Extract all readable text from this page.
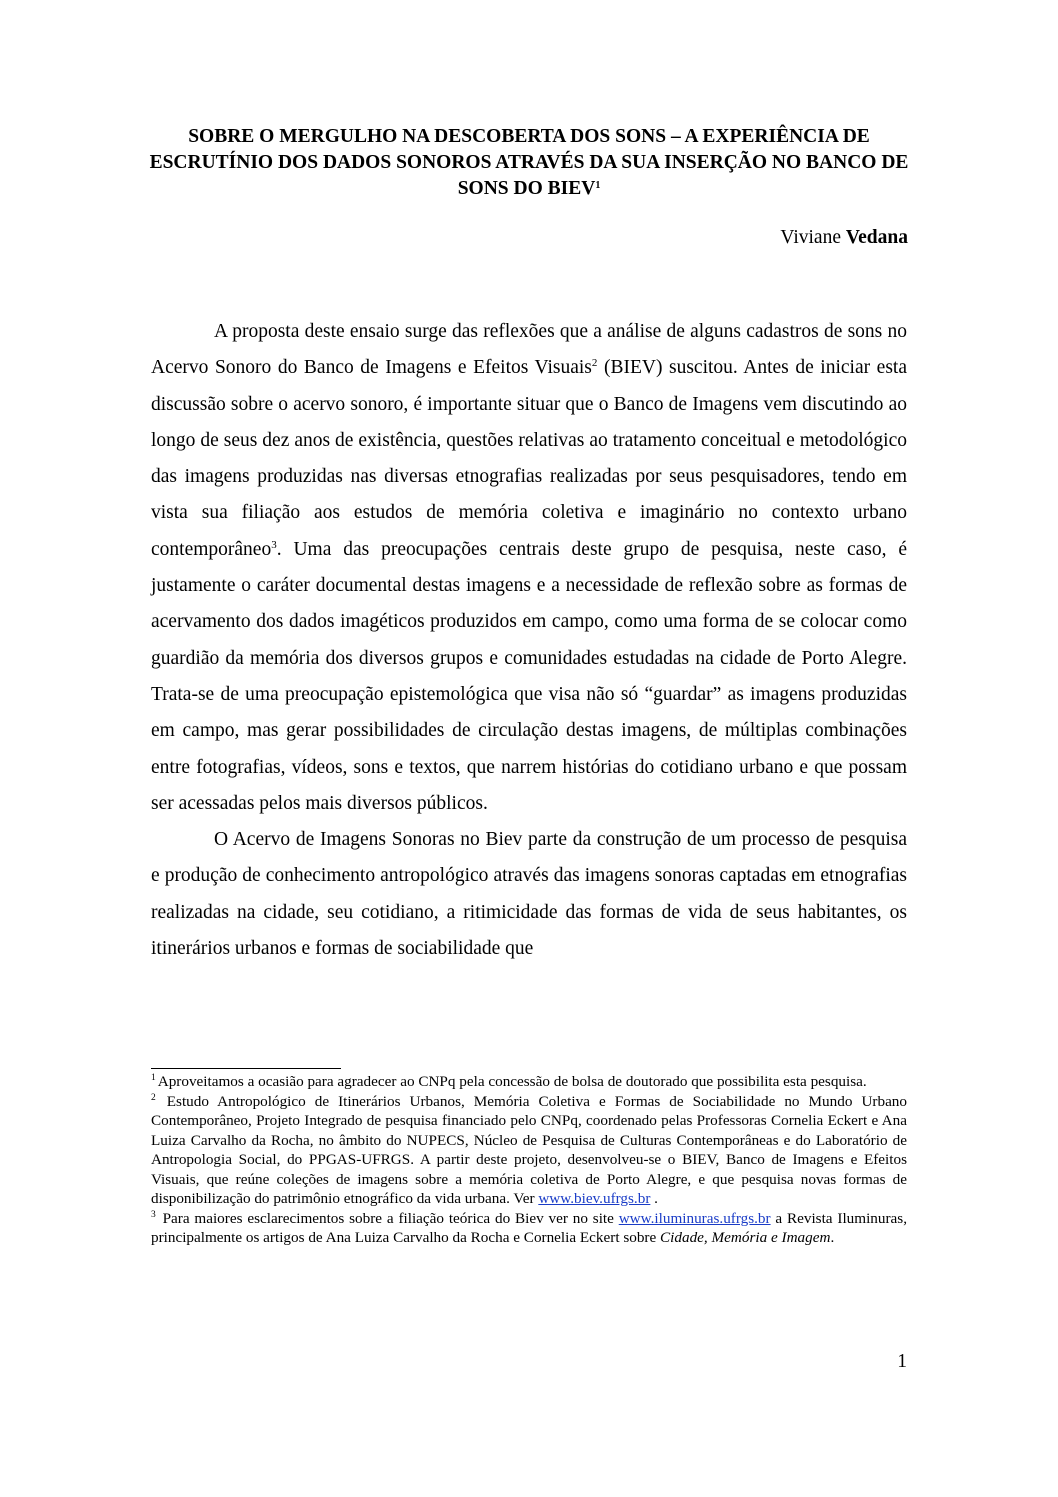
SOBRE O MERGULHO NA DESCOBERTA DOS SONS – A EXPERIÊNCIA DE ESCRUTÍNIO DOS DADOS SONOROS ATRAVÉS DA SUA INSERÇÃO NO BANCO DE SONS DO BIEV$^1$
Viviane Vedana

A proposta deste ensaio surge das reflexões que a análise de alguns cadastros de sons no Acervo Sonoro do Banco de Imagens e Efeitos Visuais$^2$ (BIEV) suscitou. Antes de iniciar esta discussão sobre o acervo sonoro, é importante situar que o Banco de Imagens vem discutindo ao longo de seus dez anos de existência, questões relativas ao tratamento conceitual e metodológico das imagens produzidas nas diversas etnografias realizadas por seus pesquisadores, tendo em vista sua filiação aos estudos de memória coletiva e imaginário no contexto urbano contemporâneo$^3$. Uma das preocupações centrais deste grupo de pesquisa, neste caso, é justamente o caráter documental destas imagens e a necessidade de reflexão sobre as formas de acervamento dos dados imagéticos produzidos em campo, como uma forma de se colocar como guardião da memória dos diversos grupos e comunidades estudadas na cidade de Porto Alegre. Trata-se de uma preocupação epistemológica que visa não só “guardar” as imagens produzidas em campo, mas gerar possibilidades de circulação destas imagens, de múltiplas combinações entre fotografias, vídeos, sons e textos, que narrem histórias do cotidiano urbano e que possam ser acessadas pelos mais diversos públicos.

O Acervo de Imagens Sonoras no Biev parte da construção de um processo de pesquisa e produção de conhecimento antropológico através das imagens sonoras captadas em etnografias realizadas na cidade, seu cotidiano, a ritimicidade das formas de vida de seus habitantes, os itinerários urbanos e formas de sociabilidade que

$^1$ Aproveitamos a ocasião para agradecer ao CNPq pela concessão de bolsa de doutorado que possibilita esta pesquisa.

$^2$ Estudo Antropológico de Itinerários Urbanos, Memória Coletiva e Formas de Sociabilidade no Mundo Urbano Contemporâneo, Projeto Integrado de pesquisa financiado pelo CNPq, coordenado pelas Professoras Cornelia Eckert e Ana Luiza Carvalho da Rocha, no âmbito do NUPECS, Núcleo de Pesquisa de Culturas Contemporâneas e do Laboratório de Antropologia Social, do PPGAS-UFRGS. A partir deste projeto, desenvolveu-se o BIEV, Banco de Imagens e Efeitos Visuais, que reúne coleções de imagens sobre a memória coletiva de Porto Alegre, e que pesquisa novas formas de disponibilização do patrimônio etnográfico da vida urbana. Ver www.biev.ufrgs.br .

$^3$ Para maiores esclarecimentos sobre a filiação teórica do Biev ver no site www.iluminuras.ufrgs.br a Revista Iluminuras, principalmente os artigos de Ana Luiza Carvalho da Rocha e Cornelia Eckert sobre Cidade, Memória e Imagem.

1
